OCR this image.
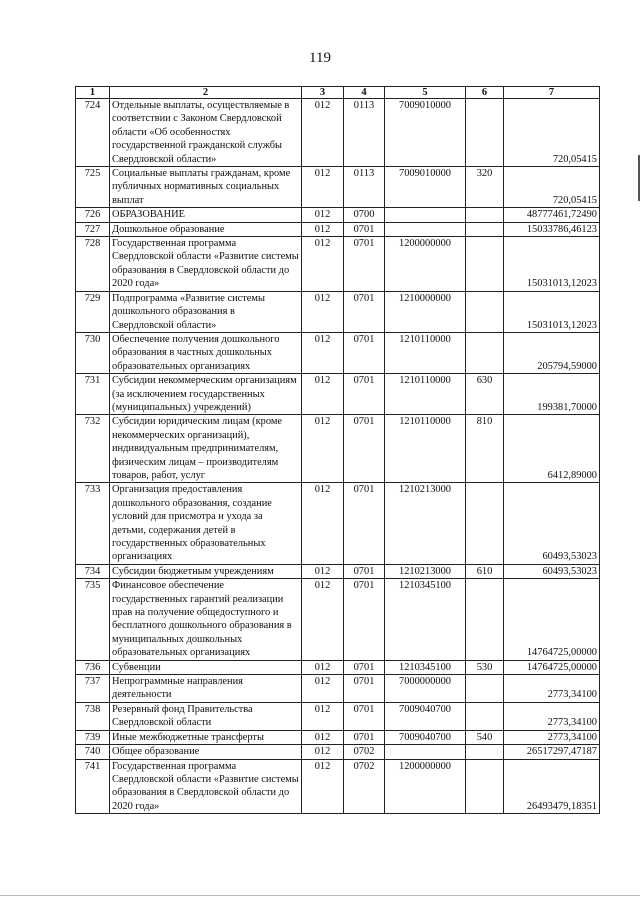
119
1	2	3	4	5	6	7
724	Отдельные выплаты, осуществляемые в соответствии с Законом Свердловской области «Об особенностях государственной гражданской службы Свердловской области»	012	0113	7009010000		720,05415
725	Социальные выплаты гражданам, кроме публичных нормативных социальных выплат	012	0113	7009010000	320	720,05415
726	ОБРАЗОВАНИЕ	012	0700			48777461,72490
727	Дошкольное образование	012	0701			15033786,46123
728	Государственная программа Свердловской области «Развитие системы образования в Свердловской области до 2020 года»	012	0701	1200000000		15031013,12023
729	Подпрограмма «Развитие системы дошкольного образования в Свердловской области»	012	0701	1210000000		15031013,12023
730	Обеспечение получения дошкольного образования в частных дошкольных образовательных организациях	012	0701	1210110000		205794,59000
731	Субсидии некоммерческим организациям (за исключением государственных (муниципальных) учреждений)	012	0701	1210110000	630	199381,70000
732	Субсидии юридическим лицам (кроме некоммерческих организаций), индивидуальным предпринимателям, физическим лицам – производителям товаров, работ, услуг	012	0701	1210110000	810	6412,89000
733	Организация предоставления дошкольного образования, создание условий для присмотра и ухода за детьми, содержания детей в государственных образовательных организациях	012	0701	1210213000		60493,53023
734	Субсидии бюджетным учреждениям	012	0701	1210213000	610	60493,53023
735	Финансовое обеспечение государственных гарантий реализации прав на получение общедоступного и бесплатного дошкольного образования в муниципальных дошкольных образовательных организациях	012	0701	1210345100		14764725,00000
736	Субвенции	012	0701	1210345100	530	14764725,00000
737	Непрограммные направления деятельности	012	0701	7000000000		2773,34100
738	Резервный фонд Правительства Свердловской области	012	0701	7009040700		2773,34100
739	Иные межбюджетные трансферты	012	0701	7009040700	540	2773,34100
740	Общее образование	012	0702			26517297,47187
741	Государственная программа Свердловской области «Развитие системы образования в Свердловской области до 2020 года»	012	0702	1200000000		26493479,18351
